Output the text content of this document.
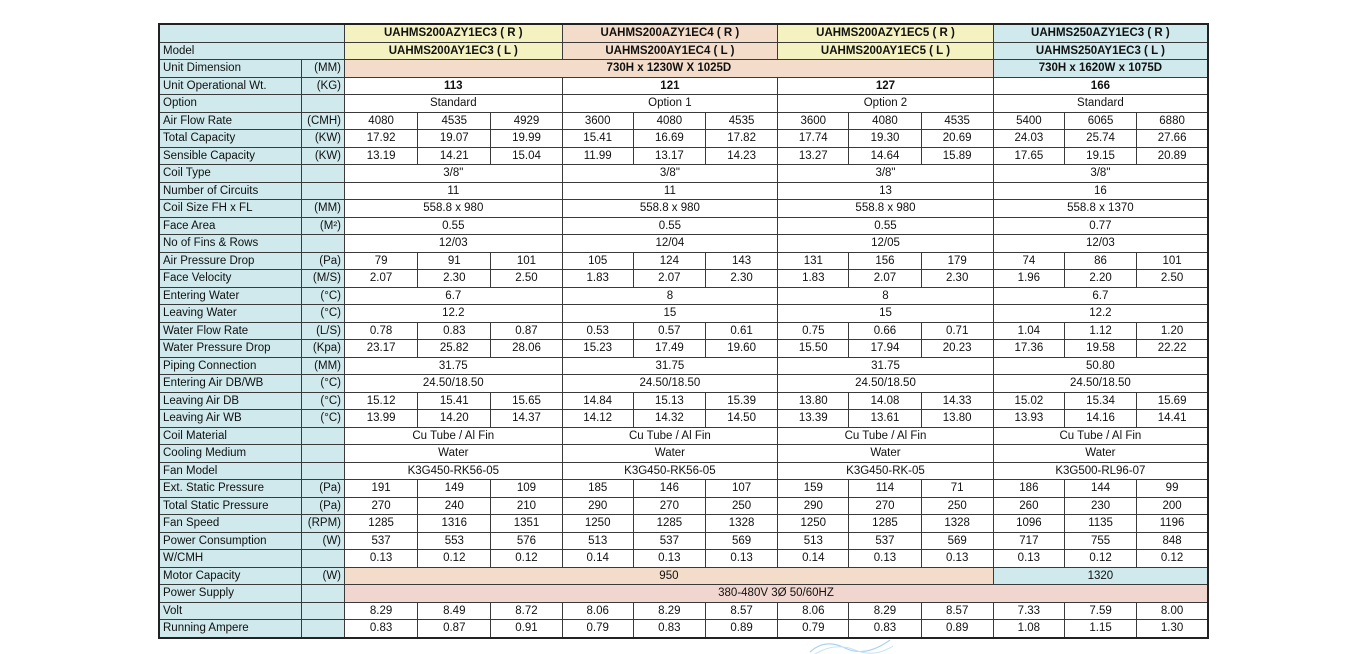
		UAHMS200AZY1EC3 ( R )			UAHMS200AZY1EC4 ( R )			UAHMS200AZY1EC5 ( R )			UAHMS250AZY1EC3 ( R )		
Model		UAHMS200AY1EC3 ( L )			UAHMS200AY1EC4 ( L )			UAHMS200AY1EC5 ( L )			UAHMS250AY1EC3 ( L )		
Unit Dimension	(MM)	730H x 1230W X 1025D									730H x 1620W x 1075D		
Unit Operational Wt.	(KG)	113			121			127			166		
Option		Standard			Option 1			Option 2			Standard		
Air Flow Rate	(CMH)	4080	4535	4929	3600	4080	4535	3600	4080	4535	5400	6065	6880
Total Capacity	(KW)	17.92	19.07	19.99	15.41	16.69	17.82	17.74	19.30	20.69	24.03	25.74	27.66
Sensible Capacity	(KW)	13.19	14.21	15.04	11.99	13.17	14.23	13.27	14.64	15.89	17.65	19.15	20.89
Coil Type		3/8"			3/8"			3/8"			3/8"		
Number of Circuits		11			11			13			16		
Coil Size FH x FL	(MM)	558.8 x 980			558.8 x 980			558.8 x 980			558.8 x 1370		
Face Area	(M²)	0.55			0.55			0.55			0.77		
No of Fins & Rows		12/03			12/04			12/05			12/03		
Air Pressure Drop	(Pa)	79	91	101	105	124	143	131	156	179	74	86	101
Face Velocity	(M/S)	2.07	2.30	2.50	1.83	2.07	2.30	1.83	2.07	2.30	1.96	2.20	2.50
Entering Water	(°C)	6.7			8			8			6.7		
Leaving Water	(°C)	12.2			15			15			12.2		
Water Flow Rate	(L/S)	0.78	0.83	0.87	0.53	0.57	0.61	0.75	0.66	0.71	1.04	1.12	1.20
Water Pressure Drop	(Kpa)	23.17	25.82	28.06	15.23	17.49	19.60	15.50	17.94	20.23	17.36	19.58	22.22
Piping Connection	(MM)	31.75			31.75			31.75			50.80		
Entering Air DB/WB	(°C)	24.50/18.50			24.50/18.50			24.50/18.50			24.50/18.50		
Leaving Air DB	(°C)	15.12	15.41	15.65	14.84	15.13	15.39	13.80	14.08	14.33	15.02	15.34	15.69
Leaving Air WB	(°C)	13.99	14.20	14.37	14.12	14.32	14.50	13.39	13.61	13.80	13.93	14.16	14.41
Coil Material		Cu Tube / Al Fin			Cu Tube / Al Fin			Cu Tube / Al Fin			Cu Tube / Al Fin		
Cooling Medium		Water			Water			Water			Water		
Fan Model		K3G450-RK56-05			K3G450-RK56-05			K3G450-RK-05			K3G500-RL96-07		
Ext. Static Pressure	(Pa)	191	149	109	185	146	107	159	114	71	186	144	99
Total Static Pressure	(Pa)	270	240	210	290	270	250	290	270	250	260	230	200
Fan Speed	(RPM)	1285	1316	1351	1250	1285	1328	1250	1285	1328	1096	1135	1196
Power Consumption	(W)	537	553	576	513	537	569	513	537	569	717	755	848
W/CMH		0.13	0.12	0.12	0.14	0.13	0.13	0.14	0.13	0.13	0.13	0.12	0.12
Motor Capacity	(W)	950									1320		
Power Supply		380-480V 3Ø 50/60HZ											
Volt		8.29	8.49	8.72	8.06	8.29	8.57	8.06	8.29	8.57	7.33	7.59	8.00
Running Ampere		0.83	0.87	0.91	0.79	0.83	0.89	0.79	0.83	0.89	1.08	1.15	1.30
